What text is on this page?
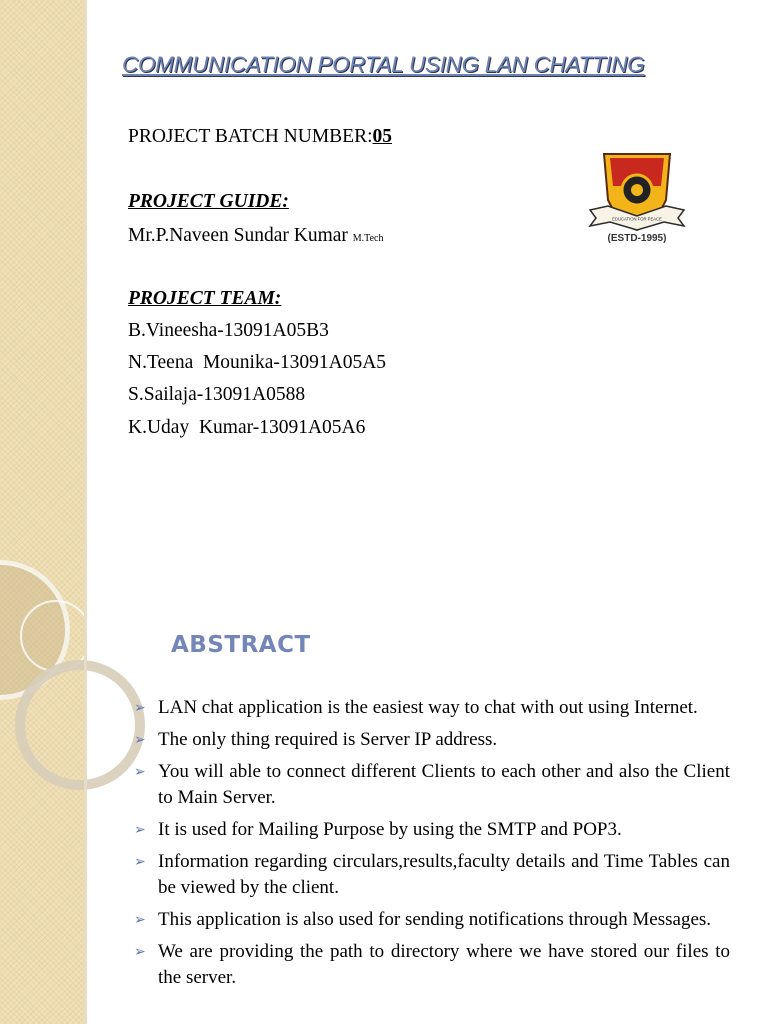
COMMUNICATION PORTAL USING LAN CHATTING
PROJECT BATCH NUMBER:05
PROJECT GUIDE:
Mr.P.Naveen Sundar Kumar M.Tech
PROJECT TEAM:
B.Vineesha-13091A05B3
N.Teena  Mounika-13091A05A5
S.Sailaja-13091A0588
K.Uday  Kumar-13091A05A6
EDUCATION FOR PEACE
(ESTD-1995)
ABSTRACT
➢ LAN chat application is the easiest way to chat with out using Internet.
➢ The only thing required is Server IP address.
➢ You will able to connect different Clients to each other and also the Client to Main Server.
➢ It is used for Mailing Purpose by using the SMTP and POP3.
➢ Information regarding circulars,results,faculty details and Time Tables can be viewed by the client.
➢ This application is also used for sending notifications through Messages.
➢ We are providing the path to directory where we have stored our files to the server.
